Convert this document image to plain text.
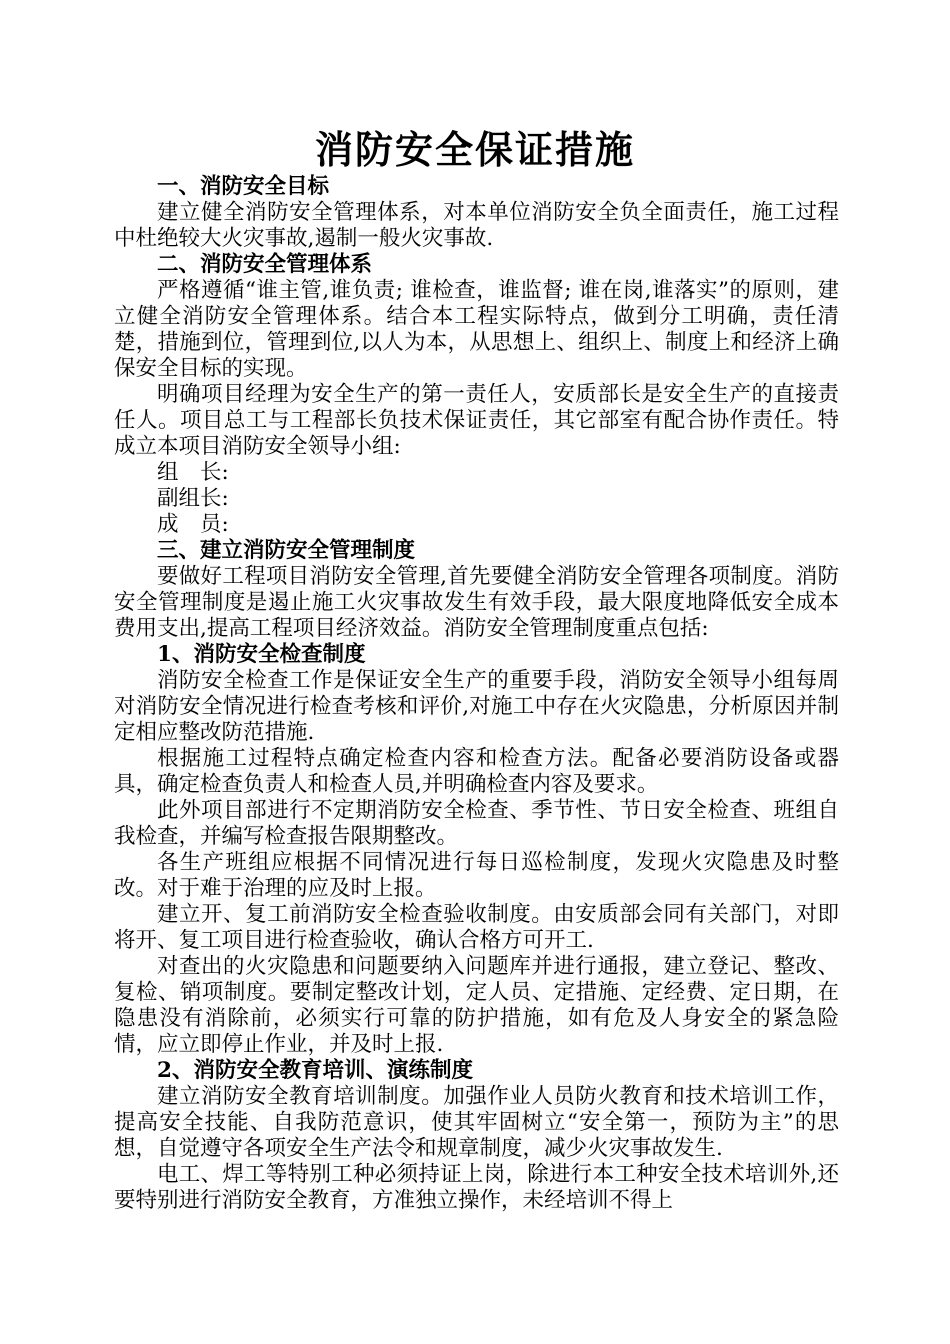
消防安全保证措施
一、消防安全目标
建立健全消防安全管理体系，对本单位消防安全负全面责任，施工过程中杜绝较大火灾事故,遏制一般火灾事故.
二、消防安全管理体系
严格遵循“谁主管,谁负责; 谁检查，谁监督; 谁在岗,谁落实”的原则，建立健全消防安全管理体系。结合本工程实际特点，做到分工明确，责任清楚，措施到位，管理到位,以人为本，从思想上、组织上、制度上和经济上确保安全目标的实现。
明确项目经理为安全生产的第一责任人，安质部长是安全生产的直接责任人。项目总工与工程部长负技术保证责任，其它部室有配合协作责任。特成立本项目消防安全领导小组:
组　长:
副组长:
成　员:
三、建立消防安全管理制度
要做好工程项目消防安全管理,首先要健全消防安全管理各项制度。消防安全管理制度是遏止施工火灾事故发生有效手段，最大限度地降低安全成本费用支出,提高工程项目经济效益。消防安全管理制度重点包括:
1、消防安全检查制度
消防安全检查工作是保证安全生产的重要手段，消防安全领导小组每周对消防安全情况进行检查考核和评价,对施工中存在火灾隐患，分析原因并制定相应整改防范措施.
根据施工过程特点确定检查内容和检查方法。配备必要消防设备或器具，确定检查负责人和检查人员,并明确检查内容及要求。
此外项目部进行不定期消防安全检查、季节性、节日安全检查、班组自我检查，并编写检查报告限期整改。
各生产班组应根据不同情况进行每日巡检制度，发现火灾隐患及时整改。对于难于治理的应及时上报。
建立开、复工前消防安全检查验收制度。由安质部会同有关部门，对即将开、复工项目进行检查验收，确认合格方可开工.
对查出的火灾隐患和问题要纳入问题库并进行通报，建立登记、整改、复检、销项制度。要制定整改计划，定人员、定措施、定经费、定日期，在隐患没有消除前，必须实行可靠的防护措施，如有危及人身安全的紧急险情，应立即停止作业，并及时上报.
2、消防安全教育培训、演练制度
建立消防安全教育培训制度。加强作业人员防火教育和技术培训工作，提高安全技能、自我防范意识，使其牢固树立“安全第一，预防为主”的思想，自觉遵守各项安全生产法令和规章制度，减少火灾事故发生.
电工、焊工等特别工种必须持证上岗，除进行本工种安全技术培训外,还要特别进行消防安全教育，方准独立操作，未经培训不得上
